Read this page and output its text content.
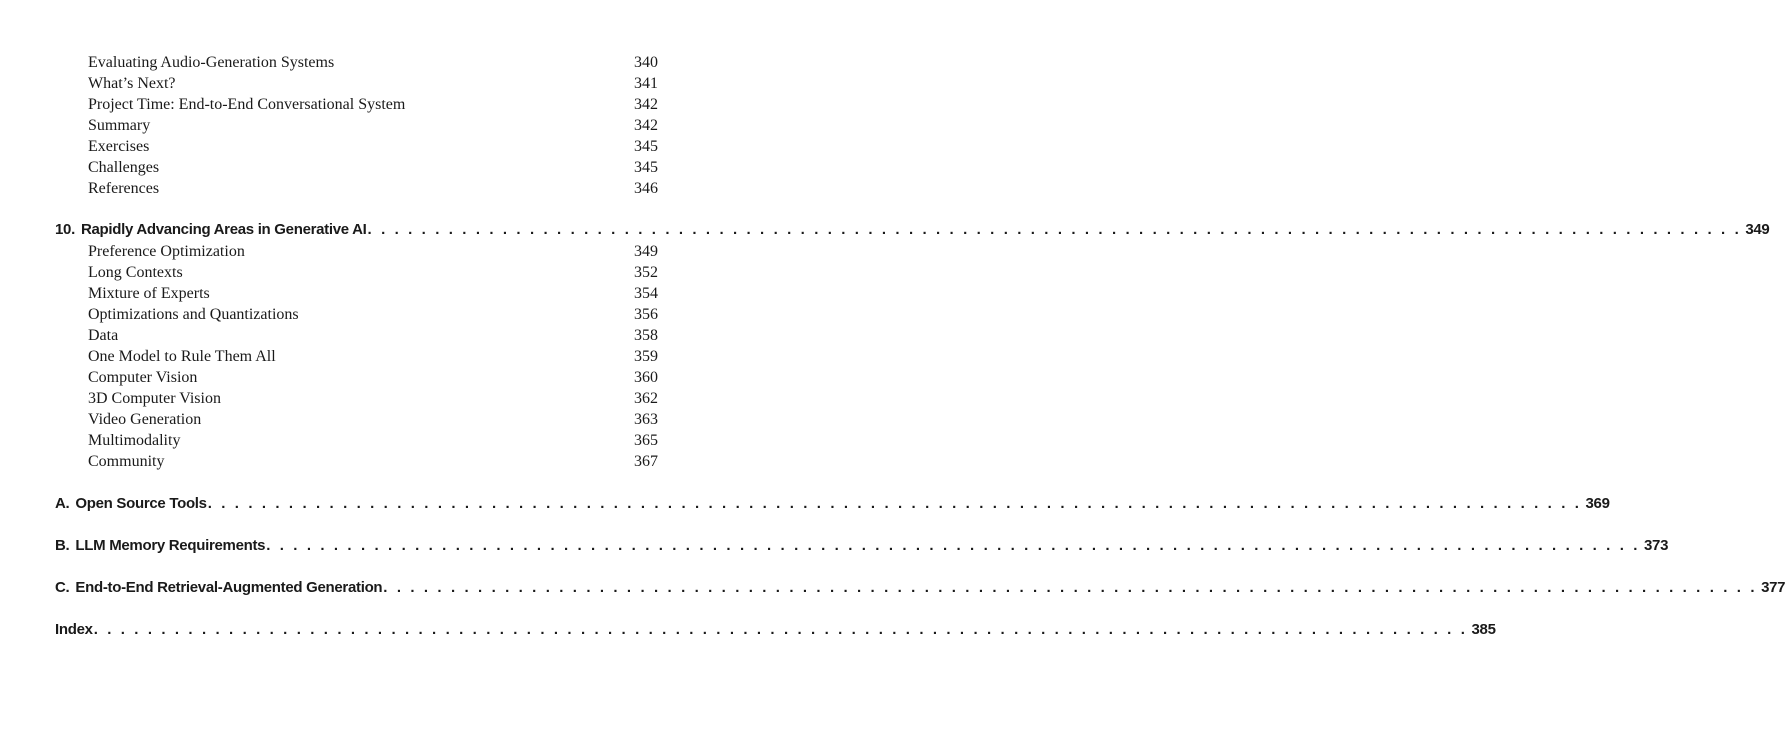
Evaluating Audio-Generation Systems	340
What’s Next?	341
Project Time: End-to-End Conversational System	342
Summary	342
Exercises	345
Challenges	345
References	346
10. Rapidly Advancing Areas in Generative AI . . . . . . . . . . . . . . . . . . . . . . . . . . . . . . . . . . . . . . . . . . . . . . . . . . . . . . . . . . . . . . . . . . . . . . . . . . . . . . . . . . . . . . . . . . . . . . . . . . . . . . 349
Preference Optimization	349
Long Contexts	352
Mixture of Experts	354
Optimizations and Quantizations	356
Data	358
One Model to Rule Them All	359
Computer Vision	360
3D Computer Vision	362
Video Generation	363
Multimodality	365
Community	367
A. Open Source Tools . . . . . . . . . . . . . . . . . . . . . . . . . . . . . . . . . . . . . . . . . . . . . . . . . . . . . . . . . . . . . . . . . . . . . . . . . . . . . . . . . . . . . . . . . . . . . . . . . . . . . . 369
B. LLM Memory Requirements . . . . . . . . . . . . . . . . . . . . . . . . . . . . . . . . . . . . . . . . . . . . . . . . . . . . . . . . . . . . . . . . . . . . . . . . . . . . . . . . . . . . . . . . . . . . . . . . . . . . . . 373
C. End-to-End Retrieval-Augmented Generation . . . . . . . . . . . . . . . . . . . . . . . . . . . . . . . . . . . . . . . . . . . . . . . . . . . . . . . . . . . . . . . . . . . . . . . . . . . . . . . . . . . . . . . . . . . . . . . . . . . . . . 377
Index . . . . . . . . . . . . . . . . . . . . . . . . . . . . . . . . . . . . . . . . . . . . . . . . . . . . . . . . . . . . . . . . . . . . . . . . . . . . . . . . . . . . . . . . . . . . . . . . . . . . . . 385
